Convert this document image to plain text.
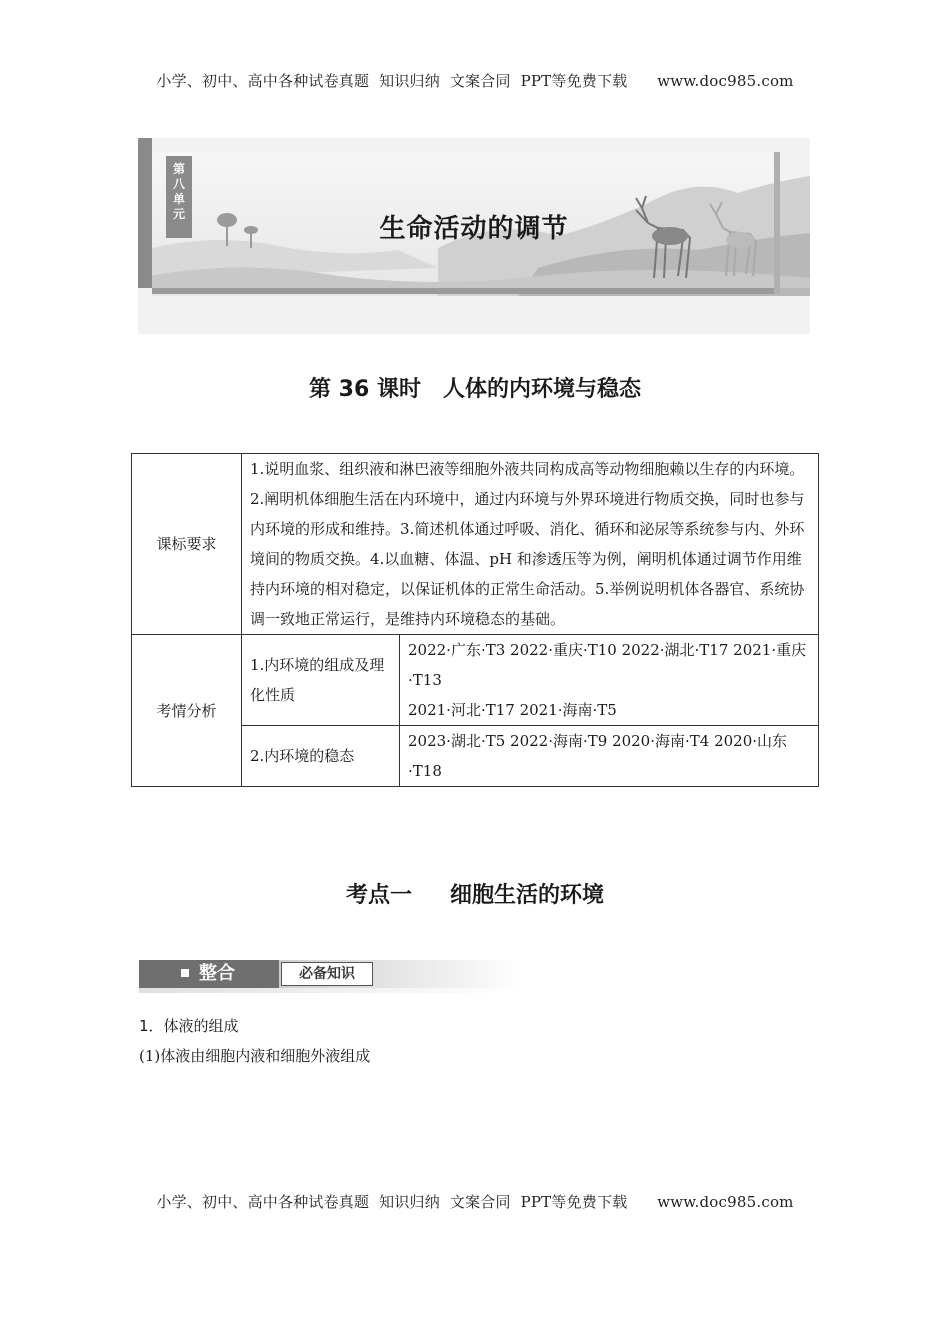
小学、初中、高中各种试卷真题  知识归纳  文案合同  PPT等免费下载      www.doc985.com
第
八
单
元	生命活动的调节
第 36 课时 人体的内环境与稳态
课标要求	1.说明血浆、组织液和淋巴液等细胞外液共同构成高等动物细胞赖以生存的内环境。2.阐明机体细胞生活在内环境中，通过内环境与外界环境进行物质交换，同时也参与内环境的形成和维持。3.简述机体通过呼吸、消化、循环和泌尿等系统参与内、外环境间的物质交换。4.以血糖、体温、pH 和渗透压等为例，阐明机体通过调节作用维持内环境的相对稳定，以保证机体的正常生命活动。5.举例说明机体各器官、系统协调一致地正常运行，是维持内环境稳态的基础。	
考情分析	1.内环境的组成及理化性质	2022·广东·T3 2022·重庆·T10 2022·湖北·T17 2021·重庆·T13
2021·河北·T17 2021·海南·T5

	2.内环境的稳态	2023·湖北·T5 2022·海南·T9 2020·海南·T4 2020·山东·T18
考点一 细胞生活的环境
整合	必备知识
1．体液的组成
(1)体液由细胞内液和细胞外液组成
小学、初中、高中各种试卷真题  知识归纳  文案合同  PPT等免费下载      www.doc985.com
